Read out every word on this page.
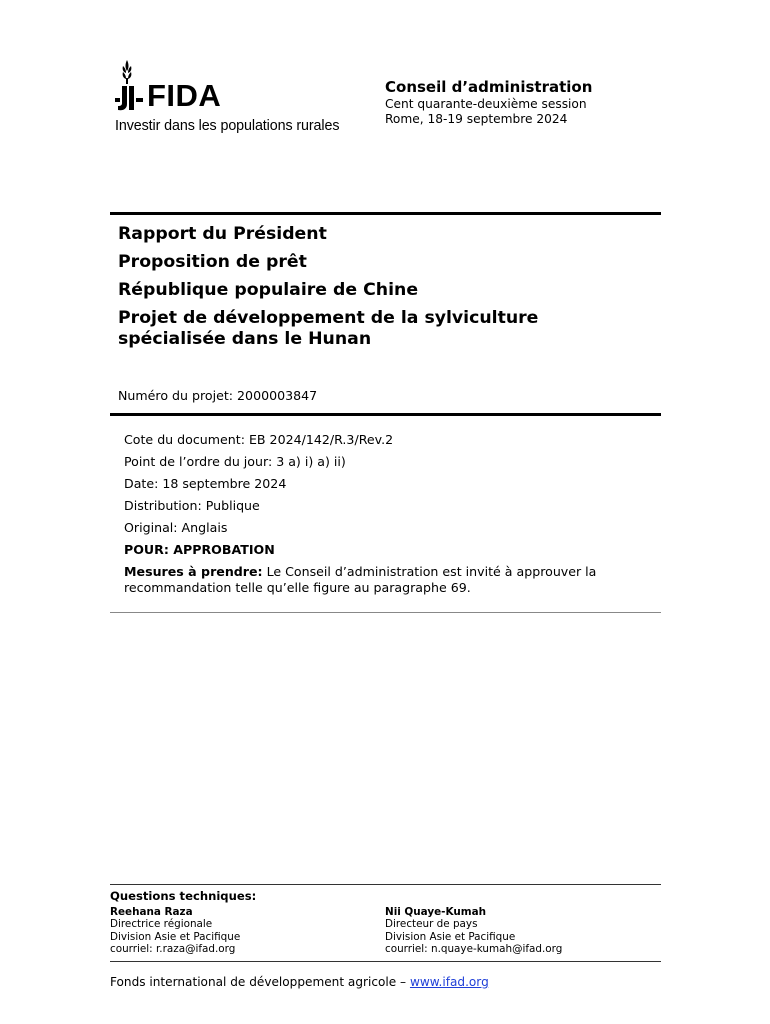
FIDA
Investir dans les populations rurales
Conseil d’administration
Cent quarante-deuxième session
Rome, 18-19 septembre 2024
Rapport du Président
Proposition de prêt
République populaire de Chine
Projet de développement de la sylviculture
spécialisée dans le Hunan
Numéro du projet: 2000003847
Cote du document: EB 2024/142/R.3/Rev.2
Point de l’ordre du jour: 3 a) i) a) ii)
Date: 18 septembre 2024
Distribution: Publique
Original: Anglais
POUR: APPROBATION
Mesures à prendre: Le Conseil d’administration est invité à approuver la
recommandation telle qu’elle figure au paragraphe 69.
Questions techniques:
Reehana Raza
Directrice régionale
Division Asie et Pacifique
courriel: r.raza@ifad.org
Nii Quaye-Kumah
Directeur de pays
Division Asie et Pacifique
courriel: n.quaye-kumah@ifad.org
Fonds international de développement agricole – www.ifad.org
